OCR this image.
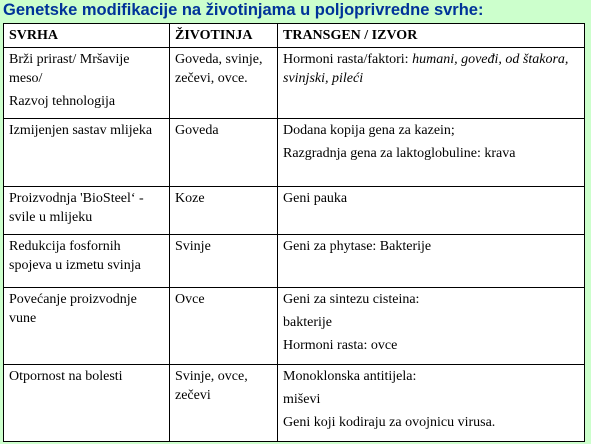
Genetske modifikacije na životinjama u poljoprivredne svrhe:
SVRHA	ŽIVOTINJA	TRANSGEN / IZVOR

Brži prirast/ Mršavije meso/
Razvoj tehnologija	Goveda, svinje, zečevi, ovce.	Hormoni rasta/faktori: humani, goveđi, od štakora, svinjski, pileći
Izmijenjen sastav mlijeka	Goveda	Dodana kopija gena za kazein;
Razgradnja gena za laktoglobuline: krava

Proizvodnja 'BioSteel‘ - svile u mlijeku	Koze	Geni pauka
Redukcija fosfornih spojeva u izmetu svinja	Svinje	Geni za phytase: Bakterije
Povećanje proizvodnje vune	Ovce	Geni za sintezu cisteina:
bakterije
Hormoni rasta: ovce

Otpornost na bolesti	Svinje, ovce, zečevi	Monoklonska antitijela:
miševi
Geni koji kodiraju za ovojnicu virusa.
